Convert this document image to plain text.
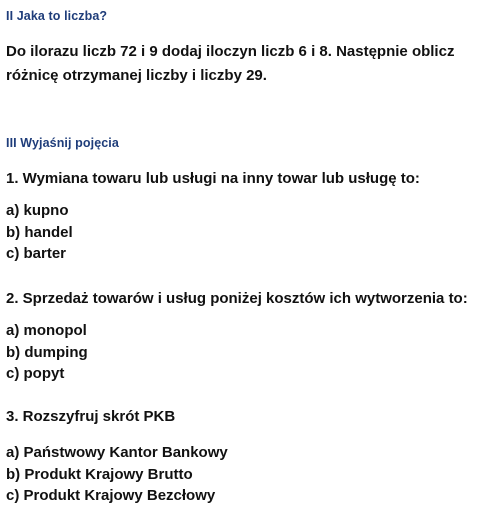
II Jaka to liczba?
Do ilorazu liczb 72 i 9 dodaj iloczyn liczb 6 i 8. Następnie oblicz różnicę otrzymanej liczby i liczby 29.
III Wyjaśnij pojęcia
1. Wymiana towaru lub usługi na inny towar lub usługę to:
a) kupno
b) handel
c) barter
2. Sprzedaż towarów i usług poniżej kosztów ich wytworzenia to:
a) monopol
b) dumping
c) popyt
3. Rozszyfruj skrót PKB
a) Państwowy Kantor Bankowy
b) Produkt Krajowy Brutto
c) Produkt Krajowy Bezcłowy
